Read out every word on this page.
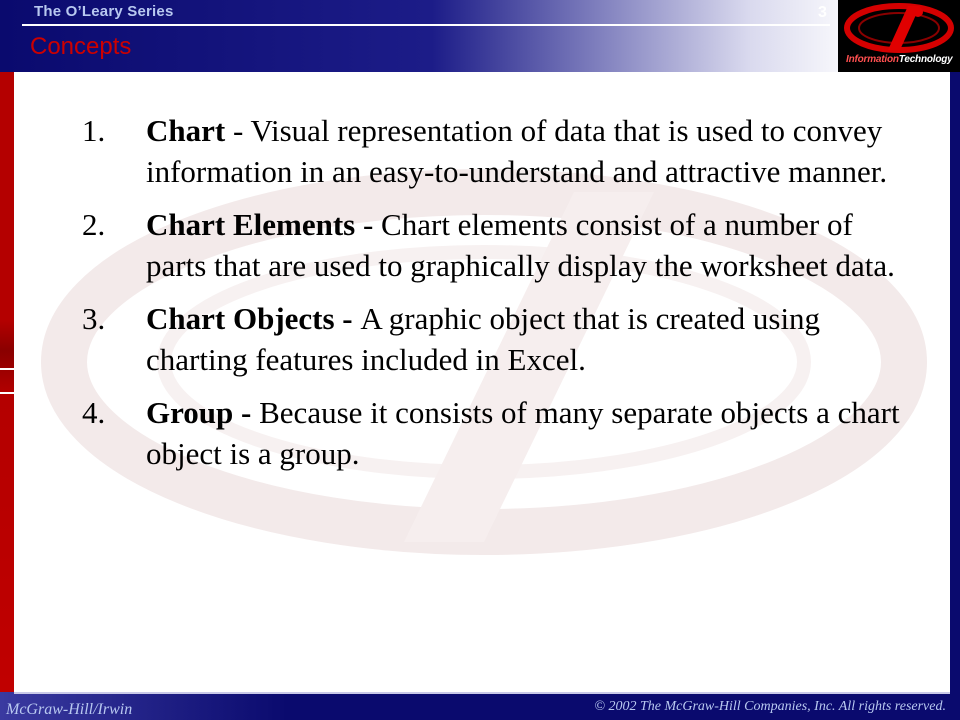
The O’Leary Series	3
Concepts	InformationTechnology
1. Chart - Visual representation of data that is used to convey information in an easy-to-understand and attractive manner.
2. Chart Elements - Chart elements consist of a number of parts that are used to graphically display the worksheet data.
3. Chart Objects - A graphic object that is created using charting features included in Excel.
4. Group - Because it consists of many separate objects a chart object is a group.
McGraw-Hill/Irwin	© 2002 The McGraw-Hill Companies, Inc. All rights reserved.
